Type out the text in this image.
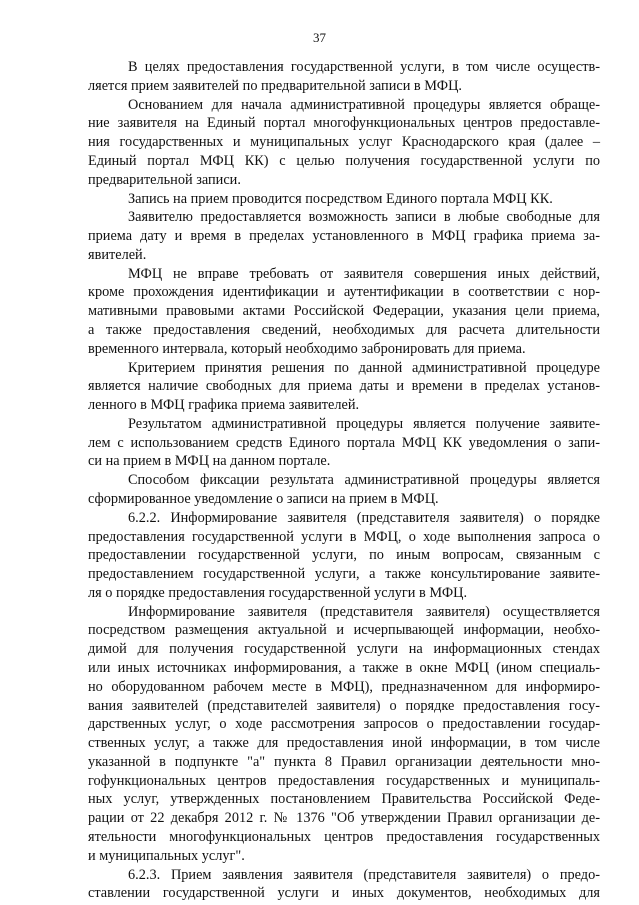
37
В целях предоставления государственной услуги, в том числе осуществ-
ляется прием заявителей по предварительной записи в МФЦ.
Основанием для начала административной процедуры является обраще-
ние заявителя на Единый портал многофункциональных центров предоставле-
ния государственных и муниципальных услуг Краснодарского края (далее –
Единый портал МФЦ КК) с целью получения государственной услуги по
предварительной записи.
Запись на прием проводится посредством Единого портала МФЦ КК.
Заявителю предоставляется возможность записи в любые свободные для
приема дату и время в пределах установленного в МФЦ графика приема за-
явителей.
МФЦ не вправе требовать от заявителя совершения иных действий,
кроме прохождения идентификации и аутентификации в соответствии с нор-
мативными правовыми актами Российской Федерации, указания цели приема,
а также предоставления сведений, необходимых для расчета длительности
временного интервала, который необходимо забронировать для приема.
Критерием принятия решения по данной административной процедуре
является наличие свободных для приема даты и времени в пределах установ-
ленного в МФЦ графика приема заявителей.
Результатом административной процедуры является получение заявите-
лем с использованием средств Единого портала МФЦ КК уведомления о запи-
си на прием в МФЦ на данном портале.
Способом фиксации результата административной процедуры является
сформированное уведомление о записи на прием в МФЦ.
6.2.2. Информирование заявителя (представителя заявителя) о порядке
предоставления государственной услуги в МФЦ, о ходе выполнения запроса о
предоставлении государственной услуги, по иным вопросам, связанным с
предоставлением государственной услуги, а также консультирование заявите-
ля о порядке предоставления государственной услуги в МФЦ.
Информирование заявителя (представителя заявителя) осуществляется
посредством размещения актуальной и исчерпывающей информации, необхо-
димой для получения государственной услуги на информационных стендах
или иных источниках информирования, а также в окне МФЦ (ином специаль-
но оборудованном рабочем месте в МФЦ), предназначенном для информиро-
вания заявителей (представителей заявителя) о порядке предоставления госу-
дарственных услуг, о ходе рассмотрения запросов о предоставлении государ-
ственных услуг, а также для предоставления иной информации, в том числе
указанной в подпункте "а" пункта 8 Правил организации деятельности мно-
гофункциональных центров предоставления государственных и муниципаль-
ных услуг, утвержденных постановлением Правительства Российской Феде-
рации от 22 декабря 2012 г. № 1376 "Об утверждении Правил организации де-
ятельности многофункциональных центров предоставления государственных
и муниципальных услуг".
6.2.3. Прием заявления заявителя (представителя заявителя) о предо-
ставлении государственной услуги и иных документов, необходимых для
